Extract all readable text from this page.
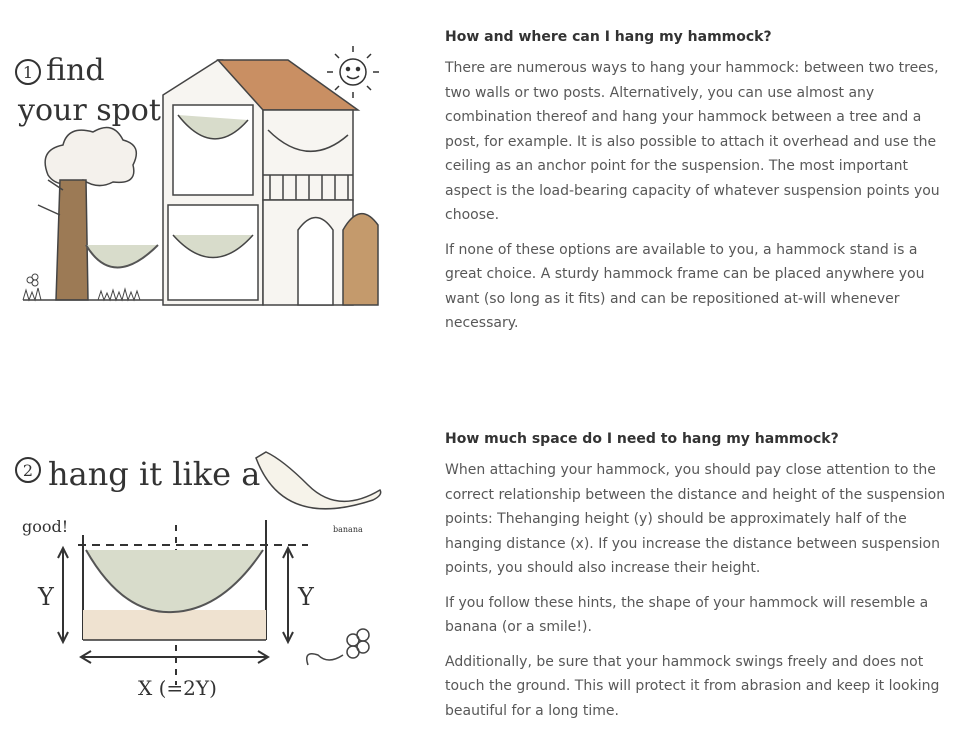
1 find
your spot
How and where can I hang my hammock?

There are numerous ways to hang your hammock: between two trees, two walls or two posts. Alternatively, you can use almost any combination thereof and hang your hammock between a tree and a post, for example. It is also possible to attach it overhead and use the ceiling as an anchor point for the suspension. The most important aspect is the load-bearing capacity of whatever suspension points you choose.

If none of these options are available to you, a hammock stand is a great choice. A sturdy hammock frame can be placed anywhere you want (so long as it fits) and can be repositioned at-will whenever necessary.

2 hang it like a
banana
good!
Y	Y
X (=2Y)
How much space do I need to hang my hammock?

When attaching your hammock, you should pay close attention to the correct relationship between the distance and height of the suspension points: Thehanging height (y) should be approximately half of the hanging distance (x). If you increase the distance between suspension points, you should also increase their height.

If you follow these hints, the shape of your hammock will resemble a banana (or a smile!).

Additionally, be sure that your hammock swings freely and does not touch the ground. This will protect it from abrasion and keep it looking beautiful for a long time.
